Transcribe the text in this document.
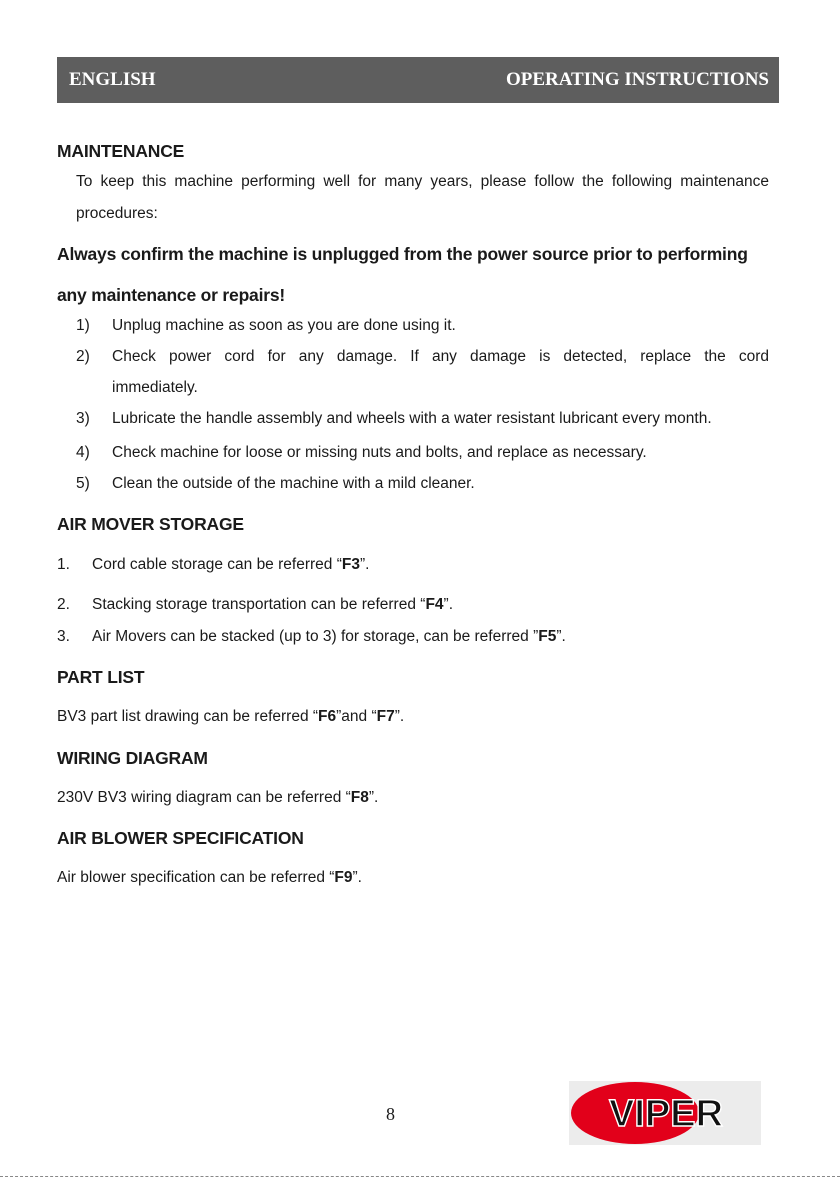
ENGLISH	OPERATING INSTRUCTIONS
MAINTENANCE
To keep this machine performing well for many years, please follow the following maintenance
procedures:
Always confirm the machine is unplugged from the power source prior to performing
any maintenance or repairs!
1) Unplug machine as soon as you are done using it.
2) Check power cord for any damage. If any damage is detected, replace the cord
immediately.
3) Lubricate the handle assembly and wheels with a water resistant lubricant every month.
4) Check machine for loose or missing nuts and bolts, and replace as necessary.
5) Clean the outside of the machine with a mild cleaner.
AIR MOVER STORAGE
1. Cord cable storage can be referred “F3”.
2. Stacking storage transportation can be referred “F4”.
3. Air Movers can be stacked (up to 3) for storage, can be referred ”F5”.
PART LIST
BV3 part list drawing can be referred “F6”and “F7”.
WIRING DIAGRAM
230V BV3 wiring diagram can be referred “F8”.
AIR BLOWER SPECIFICATION
Air blower specification can be referred “F9”.
8	VIPER
